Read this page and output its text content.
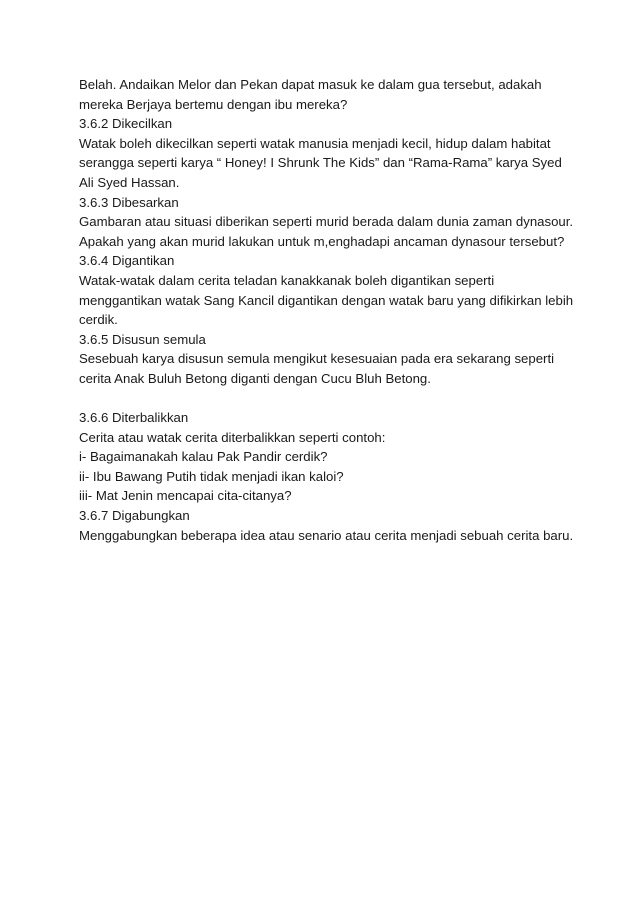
Belah. Andaikan Melor dan Pekan dapat masuk ke dalam gua tersebut, adakah
mereka Berjaya bertemu dengan ibu mereka?
3.6.2 Dikecilkan
Watak boleh dikecilkan seperti watak manusia menjadi kecil, hidup dalam habitat
serangga seperti karya “ Honey! I Shrunk The Kids” dan “Rama-Rama” karya Syed
Ali Syed Hassan.
3.6.3 Dibesarkan
Gambaran atau situasi diberikan seperti murid berada dalam dunia zaman dynasour.
Apakah yang akan murid lakukan untuk m,enghadapi ancaman dynasour tersebut?
3.6.4 Digantikan
Watak-watak dalam cerita teladan kanakkanak boleh digantikan seperti
menggantikan watak Sang Kancil digantikan dengan watak baru yang difikirkan lebih
cerdik.
3.6.5 Disusun semula
Sesebuah karya disusun semula mengikut kesesuaian pada era sekarang seperti
cerita Anak Buluh Betong diganti dengan Cucu Bluh Betong.
3.6.6 Diterbalikkan
Cerita atau watak cerita diterbalikkan seperti contoh:
i- Bagaimanakah kalau Pak Pandir cerdik?
ii- Ibu Bawang Putih tidak menjadi ikan kaloi?
iii- Mat Jenin mencapai cita-citanya?
3.6.7 Digabungkan
Menggabungkan beberapa idea atau senario atau cerita menjadi sebuah cerita baru.
